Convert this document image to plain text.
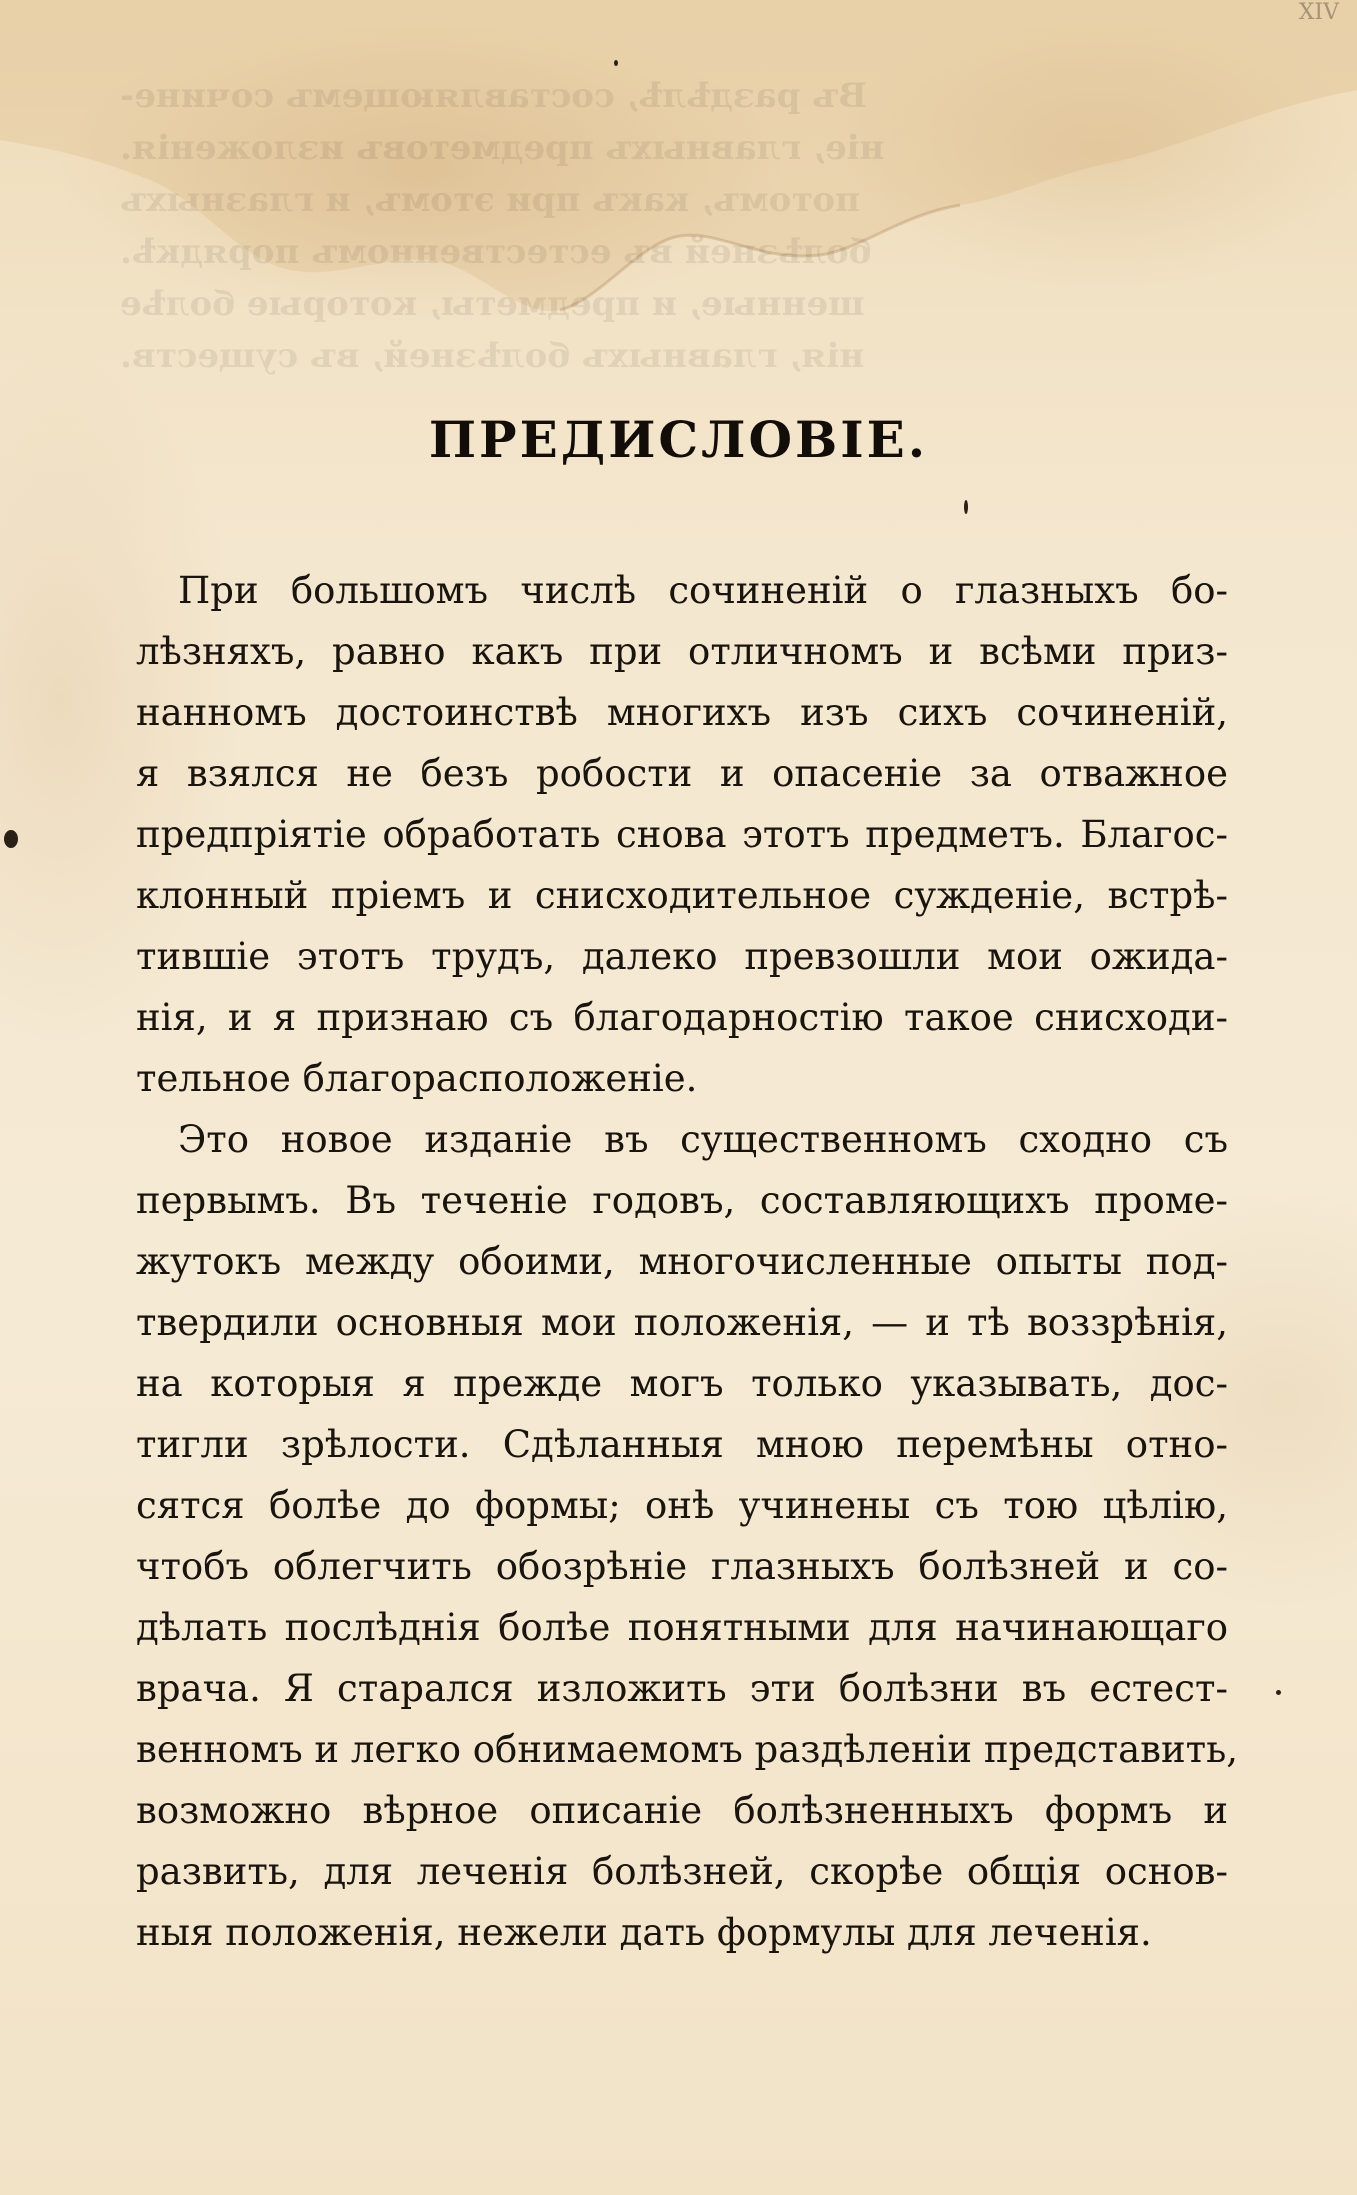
шенные, и предметы, которые болѣе
нія, главныхъ болѣзней, въ существ.
XIV
ПРЕДИСЛОВІЕ.

При большомъ числѣ сочиненій о глазныхъ бо-
лѣзняхъ, равно какъ при отличномъ и всѣми приз-
нанномъ достоинствѣ многихъ изъ сихъ сочиненій,
я взялся не безъ робости и опасеніе за отважное
предпріятіе обработать снова этотъ предметъ. Благос-
клонный пріемъ и снисходительное сужденіе, встрѣ-
тившіе этотъ трудъ, далеко превзошли мои ожида-
нія, и я признаю съ благодарностію такое снисходи-
тельное благорасположеніе.

Это новое изданіе въ существенномъ сходно съ
первымъ. Въ теченіе годовъ, составляющихъ проме-
жутокъ между обоими, многочисленные опыты под-
твердили основныя мои положенія, — и тѣ воззрѣнія,
на которыя я прежде могъ только указывать, дос-
тигли зрѣлости. Сдѣланныя мною перемѣны отно-
сятся болѣе до формы; онѣ учинены съ тою цѣлію,
чтобъ облегчить обозрѣніе глазныхъ болѣзней и со-
дѣлать послѣднія болѣе понятными для начинающаго
врача. Я старался изложить эти болѣзни въ естест-
венномъ и легко обнимаемомъ раздѣленіи представить,
возможно вѣрное описаніе болѣзненныхъ формъ и
развить, для леченія болѣзней, скорѣе общія основ-
ныя положенія, нежели дать формулы для леченія.
